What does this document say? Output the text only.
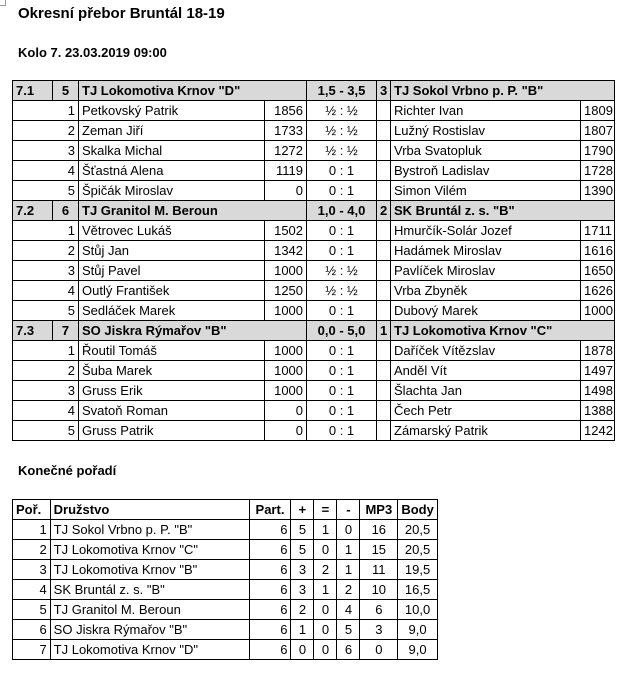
Okresní přebor Bruntál 18-19
Kolo 7. 23.03.2019 09:00
7.1	5	TJ Lokomotiva Krnov "D"		1,5 - 3,5	3	TJ Sokol Vrbno p. P. "B"	
1		Petkovský Patrik	1856	½ : ½		Richter Ivan	1809
2		Zeman Jiří	1733	½ : ½		Lužný Rostislav	1807
3		Skalka Michal	1272	½ : ½		Vrba Svatopluk	1790
4		Šťastná Alena	1119	0 : 1		Bystroň Ladislav	1728
5		Špičák Miroslav	0	0 : 1		Simon Vilém	1390
7.2	6	TJ Granitol M. Beroun		1,0 - 4,0	2	SK Bruntál z. s. "B"	
1		Větrovec Lukáš	1502	0 : 1		Hmurčík-Solár Jozef	1711
2		Stůj Jan	1342	0 : 1		Hadámek Miroslav	1616
3		Stůj Pavel	1000	½ : ½		Pavlíček Miroslav	1650
4		Outlý František	1250	½ : ½		Vrba Zbyněk	1626
5		Sedláček Marek	1000	0 : 1		Dubový Marek	1000
7.3	7	SO Jiskra Rýmařov "B"		0,0 - 5,0	1	TJ Lokomotiva Krnov "C"	
1		Řoutil Tomáš	1000	0 : 1		Daříček Vítězslav	1878
2		Šuba Marek	1000	0 : 1		Anděl Vít	1497
3		Gruss Erik	1000	0 : 1		Šlachta Jan	1498
4		Svatoň Roman	0	0 : 1		Čech Petr	1388
5		Gruss Patrik	0	0 : 1		Zámarský Patrik	1242
Konečné pořadí
Poř.	Družstvo	Part.	+	=	-	MP3	Body
1	TJ Sokol Vrbno p. P. "B"	6	5	1	0	16	20,5
2	TJ Lokomotiva Krnov "C"	6	5	0	1	15	20,5
3	TJ Lokomotiva Krnov "B"	6	3	2	1	11	19,5
4	SK Bruntál z. s. "B"	6	3	1	2	10	16,5
5	TJ Granitol M. Beroun	6	2	0	4	6	10,0
6	SO Jiskra Rýmařov "B"	6	1	0	5	3	9,0
7	TJ Lokomotiva Krnov "D"	6	0	0	6	0	9,0
